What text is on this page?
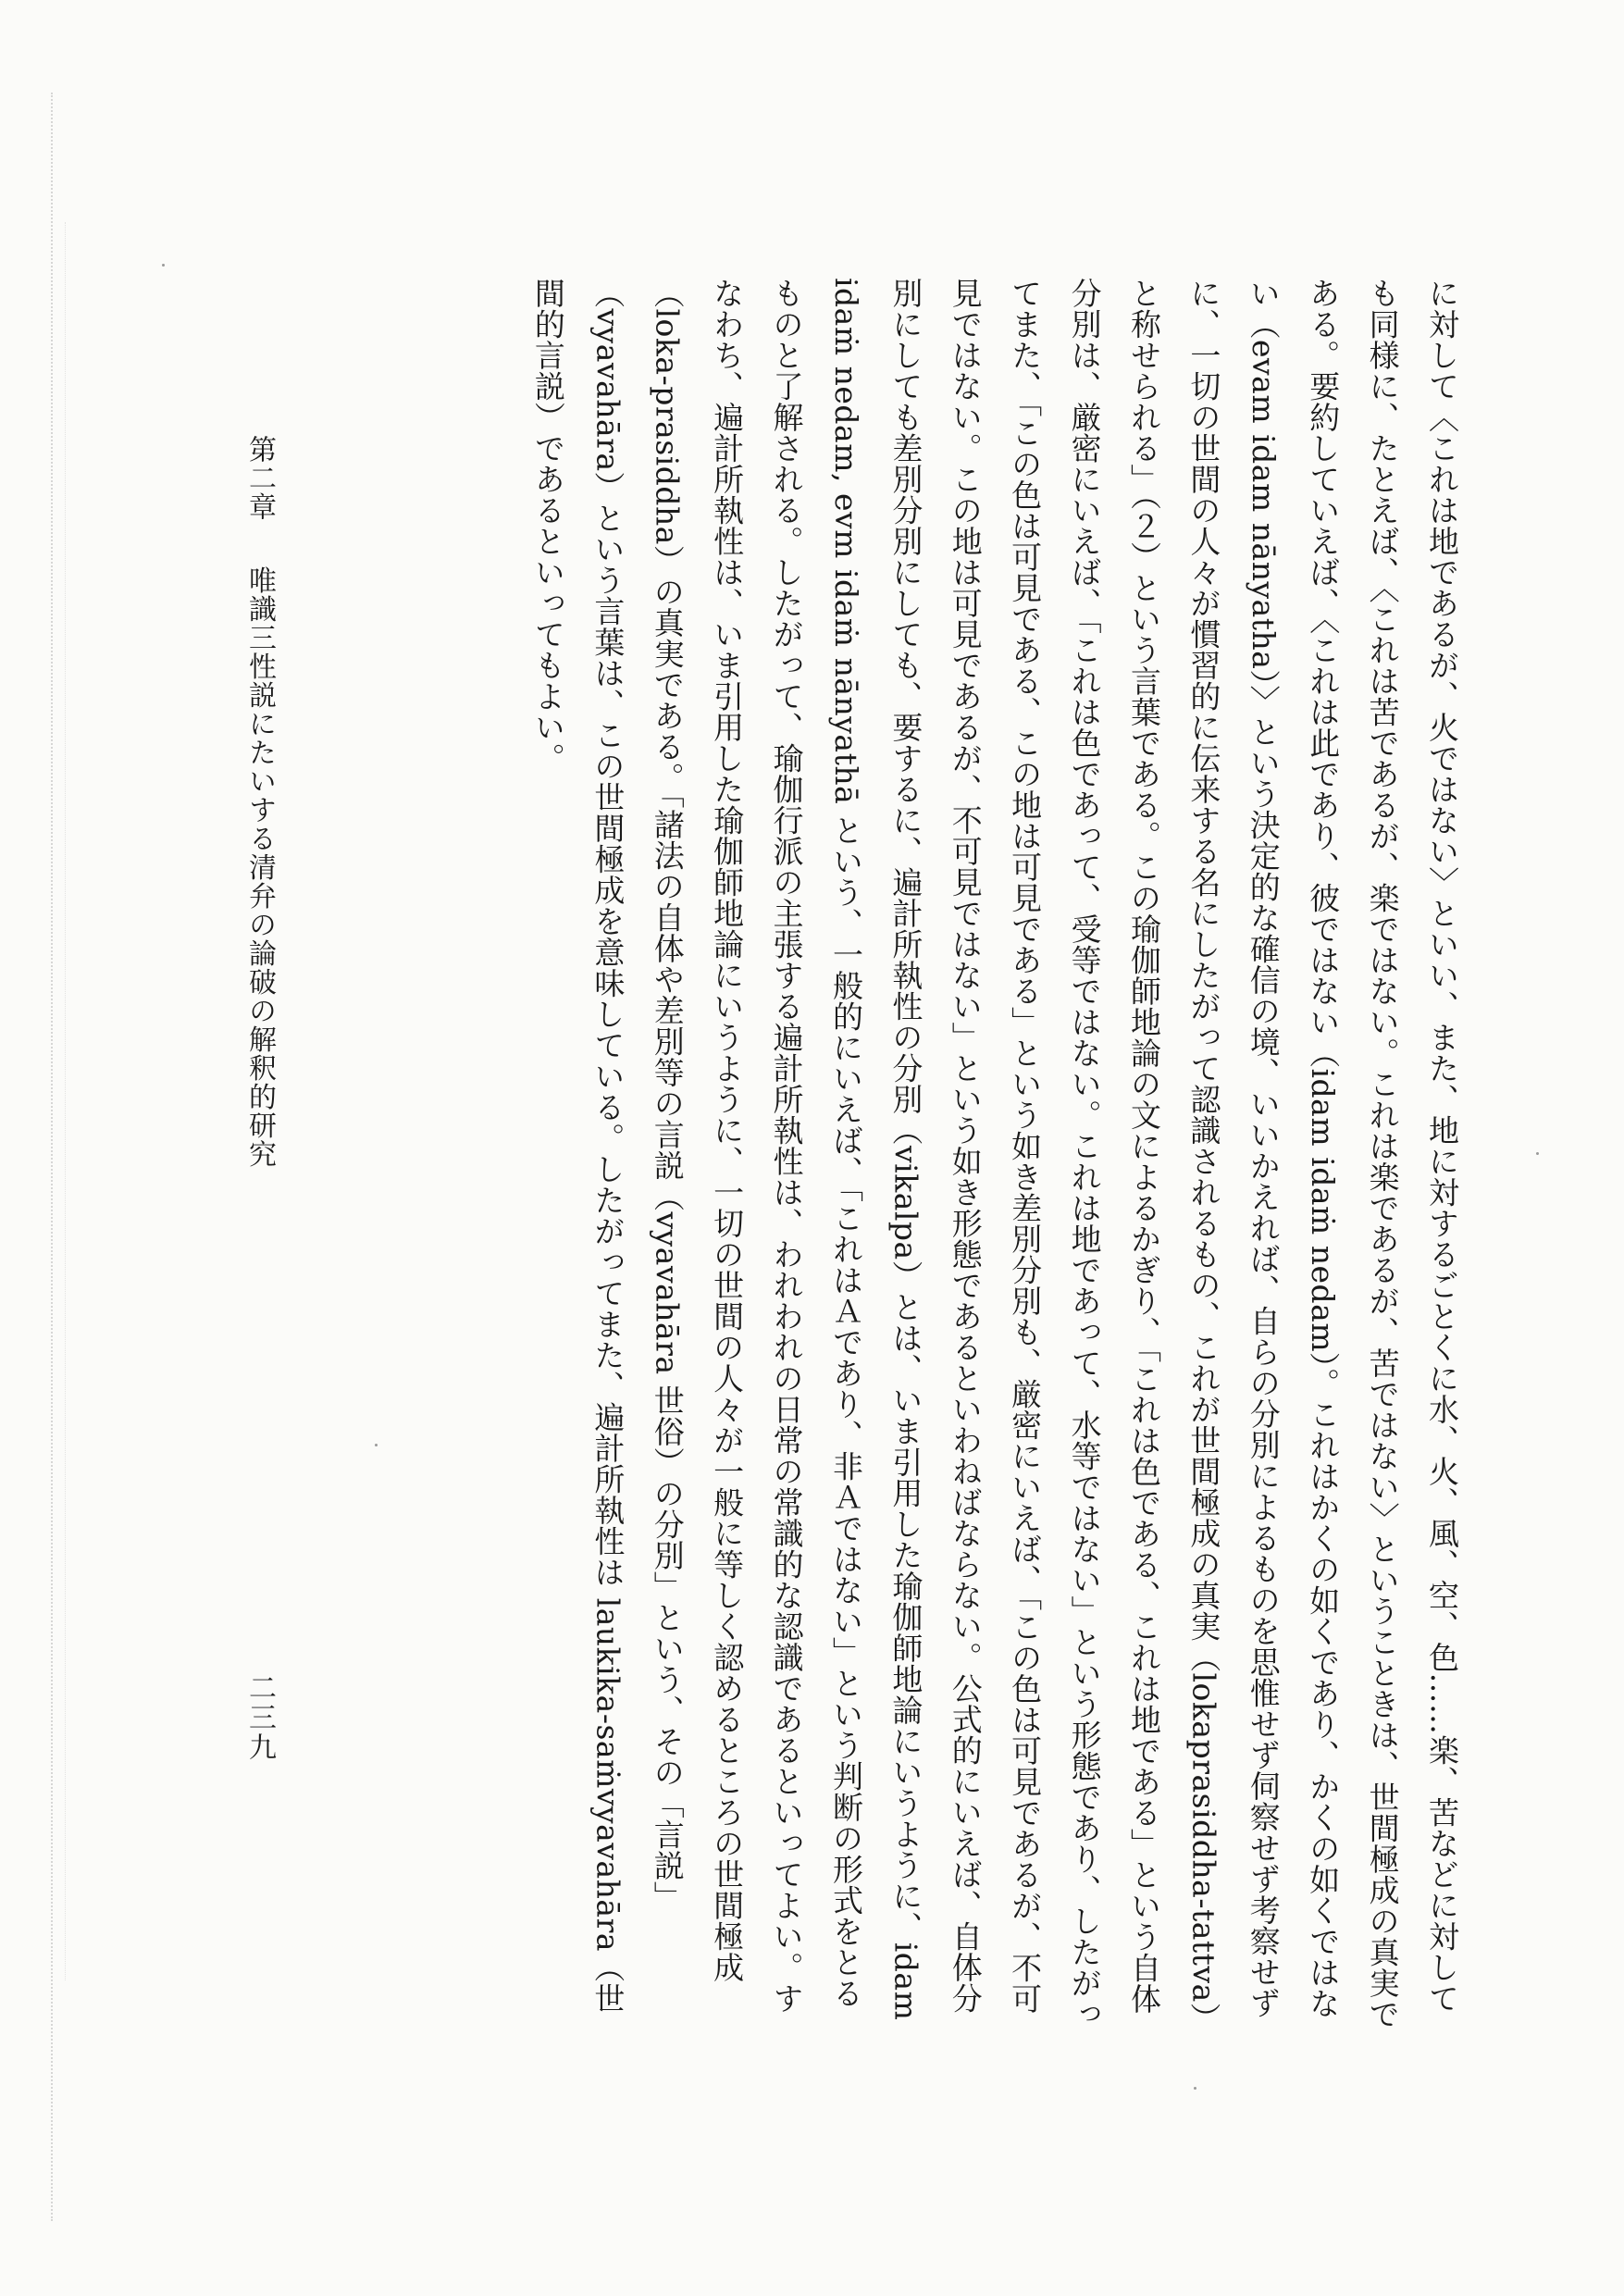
に対して〈これは地であるが、火ではない〉といい、また、地に対するごとくに水、火、風、空、色……楽、苦などに対しても同様に、たとえば、〈これは苦であるが、楽ではない。これは楽であるが、苦ではない〉ということきは、世間極成の真実である。要約していえば、〈これは此であり、彼ではない（idam idaṁ nedam）。これはかくの如くであり、かくの如くではない（evam idam nānyatha）〉という決定的な確信の境、いいかえれば、自らの分別によるものを思惟せず伺察せず考察せずに、一切の世間の人々が慣習的に伝来する名にしたがって認識されるもの、これが世間極成の真実（lokaprasiddha-tattva）と称せられる」（２）という言葉である。この瑜伽師地論の文によるかぎり、「これは色である、これは地である」という自体分別は、厳密にいえば、「これは色であって、受等ではない。これは地であって、水等ではない」という形態であり、したがってまた、「この色は可見である、この地は可見である」という如き差別分別も、厳密にいえば、「この色は可見であるが、不可見ではない。この地は可見であるが、不可見ではない」という如き形態であるといわねばならない。公式的にいえば、自体分別にしても差別分別にしても、要するに、遍計所執性の分別（vikalpa）とは、いま引用した瑜伽師地論にいうように、idam idaṁ nedam, evm idaṁ nānyathā という、一般的にいえば、「これはＡであり、非Ａではない」という判断の形式をとるものと了解される。したがって、瑜伽行派の主張する遍計所執性は、われわれの日常の常識的な認識であるといってよい。すなわち、遍計所執性は、いま引用した瑜伽師地論にいうように、一切の世間の人々が一般に等しく認めるところの世間極成（loka-prasiddha）の真実である。「諸法の自体や差別等の言説（vyavahāra 世俗）の分別」という、その「言説」（vyavahāra）という言葉は、この世間極成を意味している。したがってまた、遍計所執性は laukika-saṁvyavahāra（世間的言説）であるといってもよい。

第二章 唯識三性説にたいする清弁の論破の解釈的研究
二三九
